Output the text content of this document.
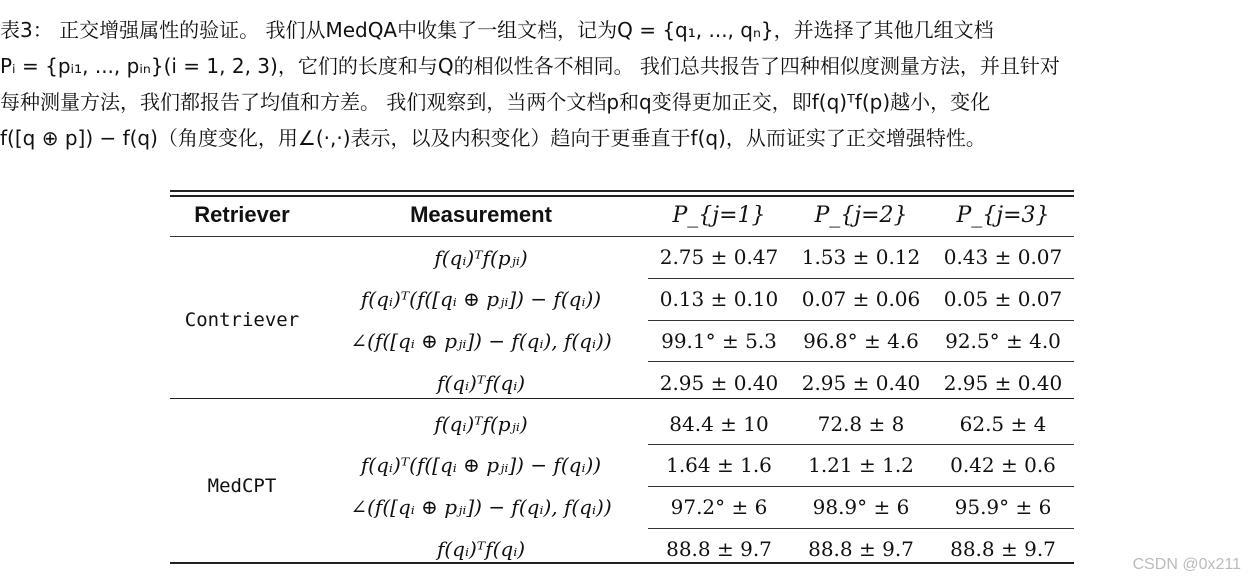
表3： 正交增强属性的验证。 我们从MedQA中收集了一组文档，记为Q = {q₁, ..., qₙ}，并选择了其他几组文档
Pᵢ = {pᵢ₁, ..., pᵢₙ}(i = 1, 2, 3)，它们的长度和与Q的相似性各不相同。 我们总共报告了四种相似度测量方法，并且针对
每种测量方法，我们都报告了均值和方差。 我们观察到，当两个文档p和q变得更加正交，即f(q)ᵀf(p)越小，变化
f([q ⊕ p]) − f(q)（角度变化，用∠(·,·)表示，以及内积变化）趋向于更垂直于f(q)，从而证实了正交增强特性。
Retriever	Measurement	P_{j=1}	P_{j=2}	P_{j=3}
Contriever	f(qᵢ)ᵀf(pⱼᵢ)	2.75 ± 0.47	1.53 ± 0.12	0.43 ± 0.07
	f(qᵢ)ᵀ(f([qᵢ ⊕ pⱼᵢ]) − f(qᵢ))	0.13 ± 0.10	0.07 ± 0.06	0.05 ± 0.07
	∠(f([qᵢ ⊕ pⱼᵢ]) − f(qᵢ), f(qᵢ))	99.1° ± 5.3	96.8° ± 4.6	92.5° ± 4.0
	f(qᵢ)ᵀf(qᵢ)	2.95 ± 0.40	2.95 ± 0.40	2.95 ± 0.40
MedCPT	f(qᵢ)ᵀf(pⱼᵢ)	84.4 ± 10	72.8 ± 8	62.5 ± 4
	f(qᵢ)ᵀ(f([qᵢ ⊕ pⱼᵢ]) − f(qᵢ))	1.64 ± 1.6	1.21 ± 1.2	0.42 ± 0.6
	∠(f([qᵢ ⊕ pⱼᵢ]) − f(qᵢ), f(qᵢ))	97.2° ± 6	98.9° ± 6	95.9° ± 6
	f(qᵢ)ᵀf(qᵢ)	88.8 ± 9.7	88.8 ± 9.7	88.8 ± 9.7
CSDN @0x211
